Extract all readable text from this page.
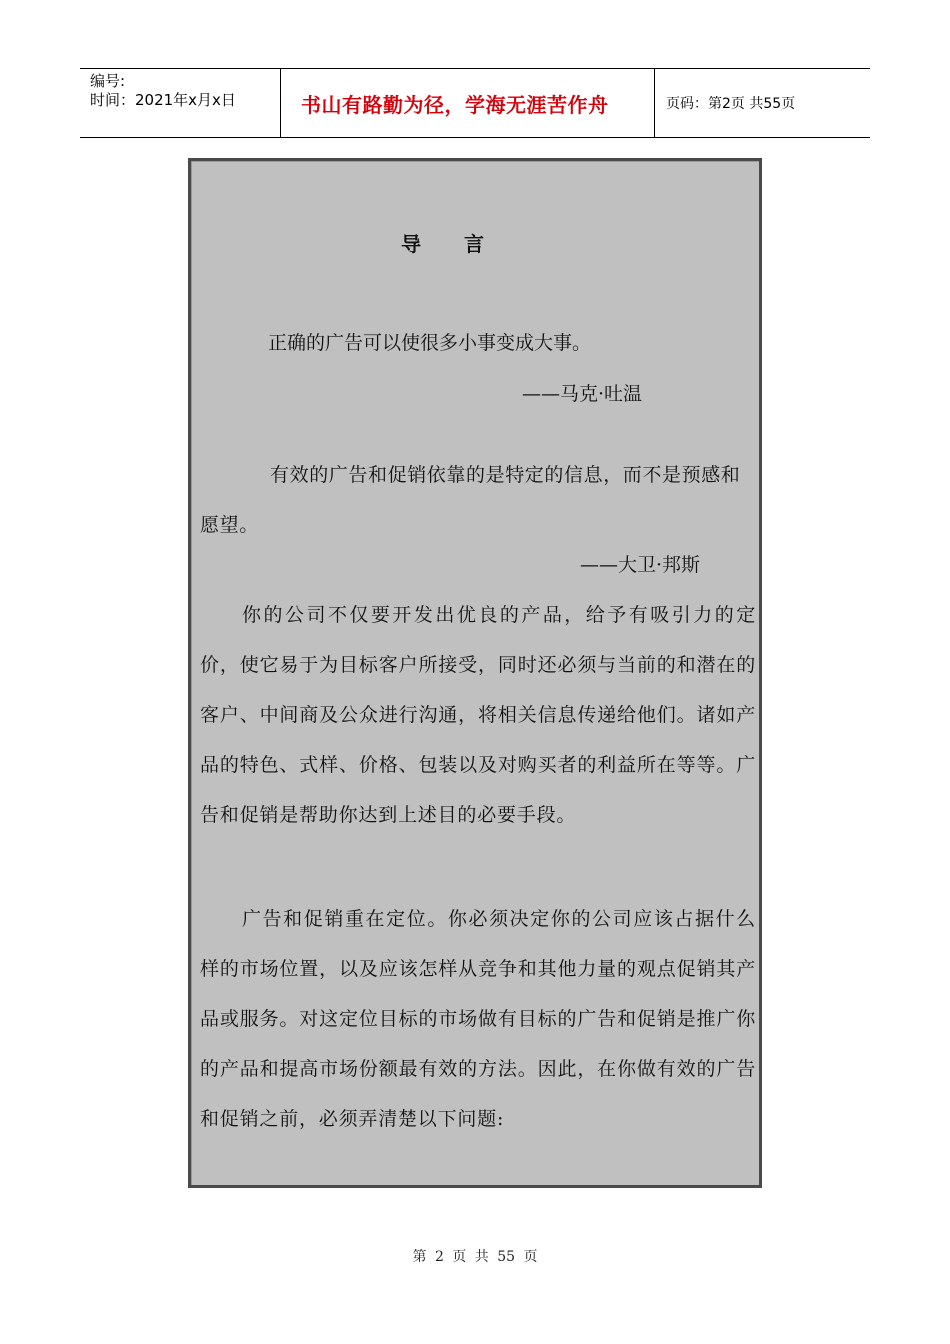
编号:
时间：2021年x月x日	书山有路勤为径，学海无涯苦作舟	页码：第2页 共55页
导 言
正确的广告可以使很多小事变成大事。
——马克·吐温
有效的广告和促销依靠的是特定的信息，而不是预感和愿望。
——大卫·邦斯
你的公司不仅要开发出优良的产品，给予有吸引力的定价，使它易于为目标客户所接受，同时还必须与当前的和潜在的客户、中间商及公众进行沟通，将相关信息传递给他们。诸如产品的特色、式样、价格、包装以及对购买者的利益所在等等。广告和促销是帮助你达到上述目的必要手段。
广告和促销重在定位。你必须决定你的公司应该占据什么样的市场位置，以及应该怎样从竞争和其他力量的观点促销其产品或服务。对这定位目标的市场做有目标的广告和促销是推广你的产品和提高市场份额最有效的方法。因此，在你做有效的广告和促销之前，必须弄清楚以下问题:
第 2 页 共 55 页
